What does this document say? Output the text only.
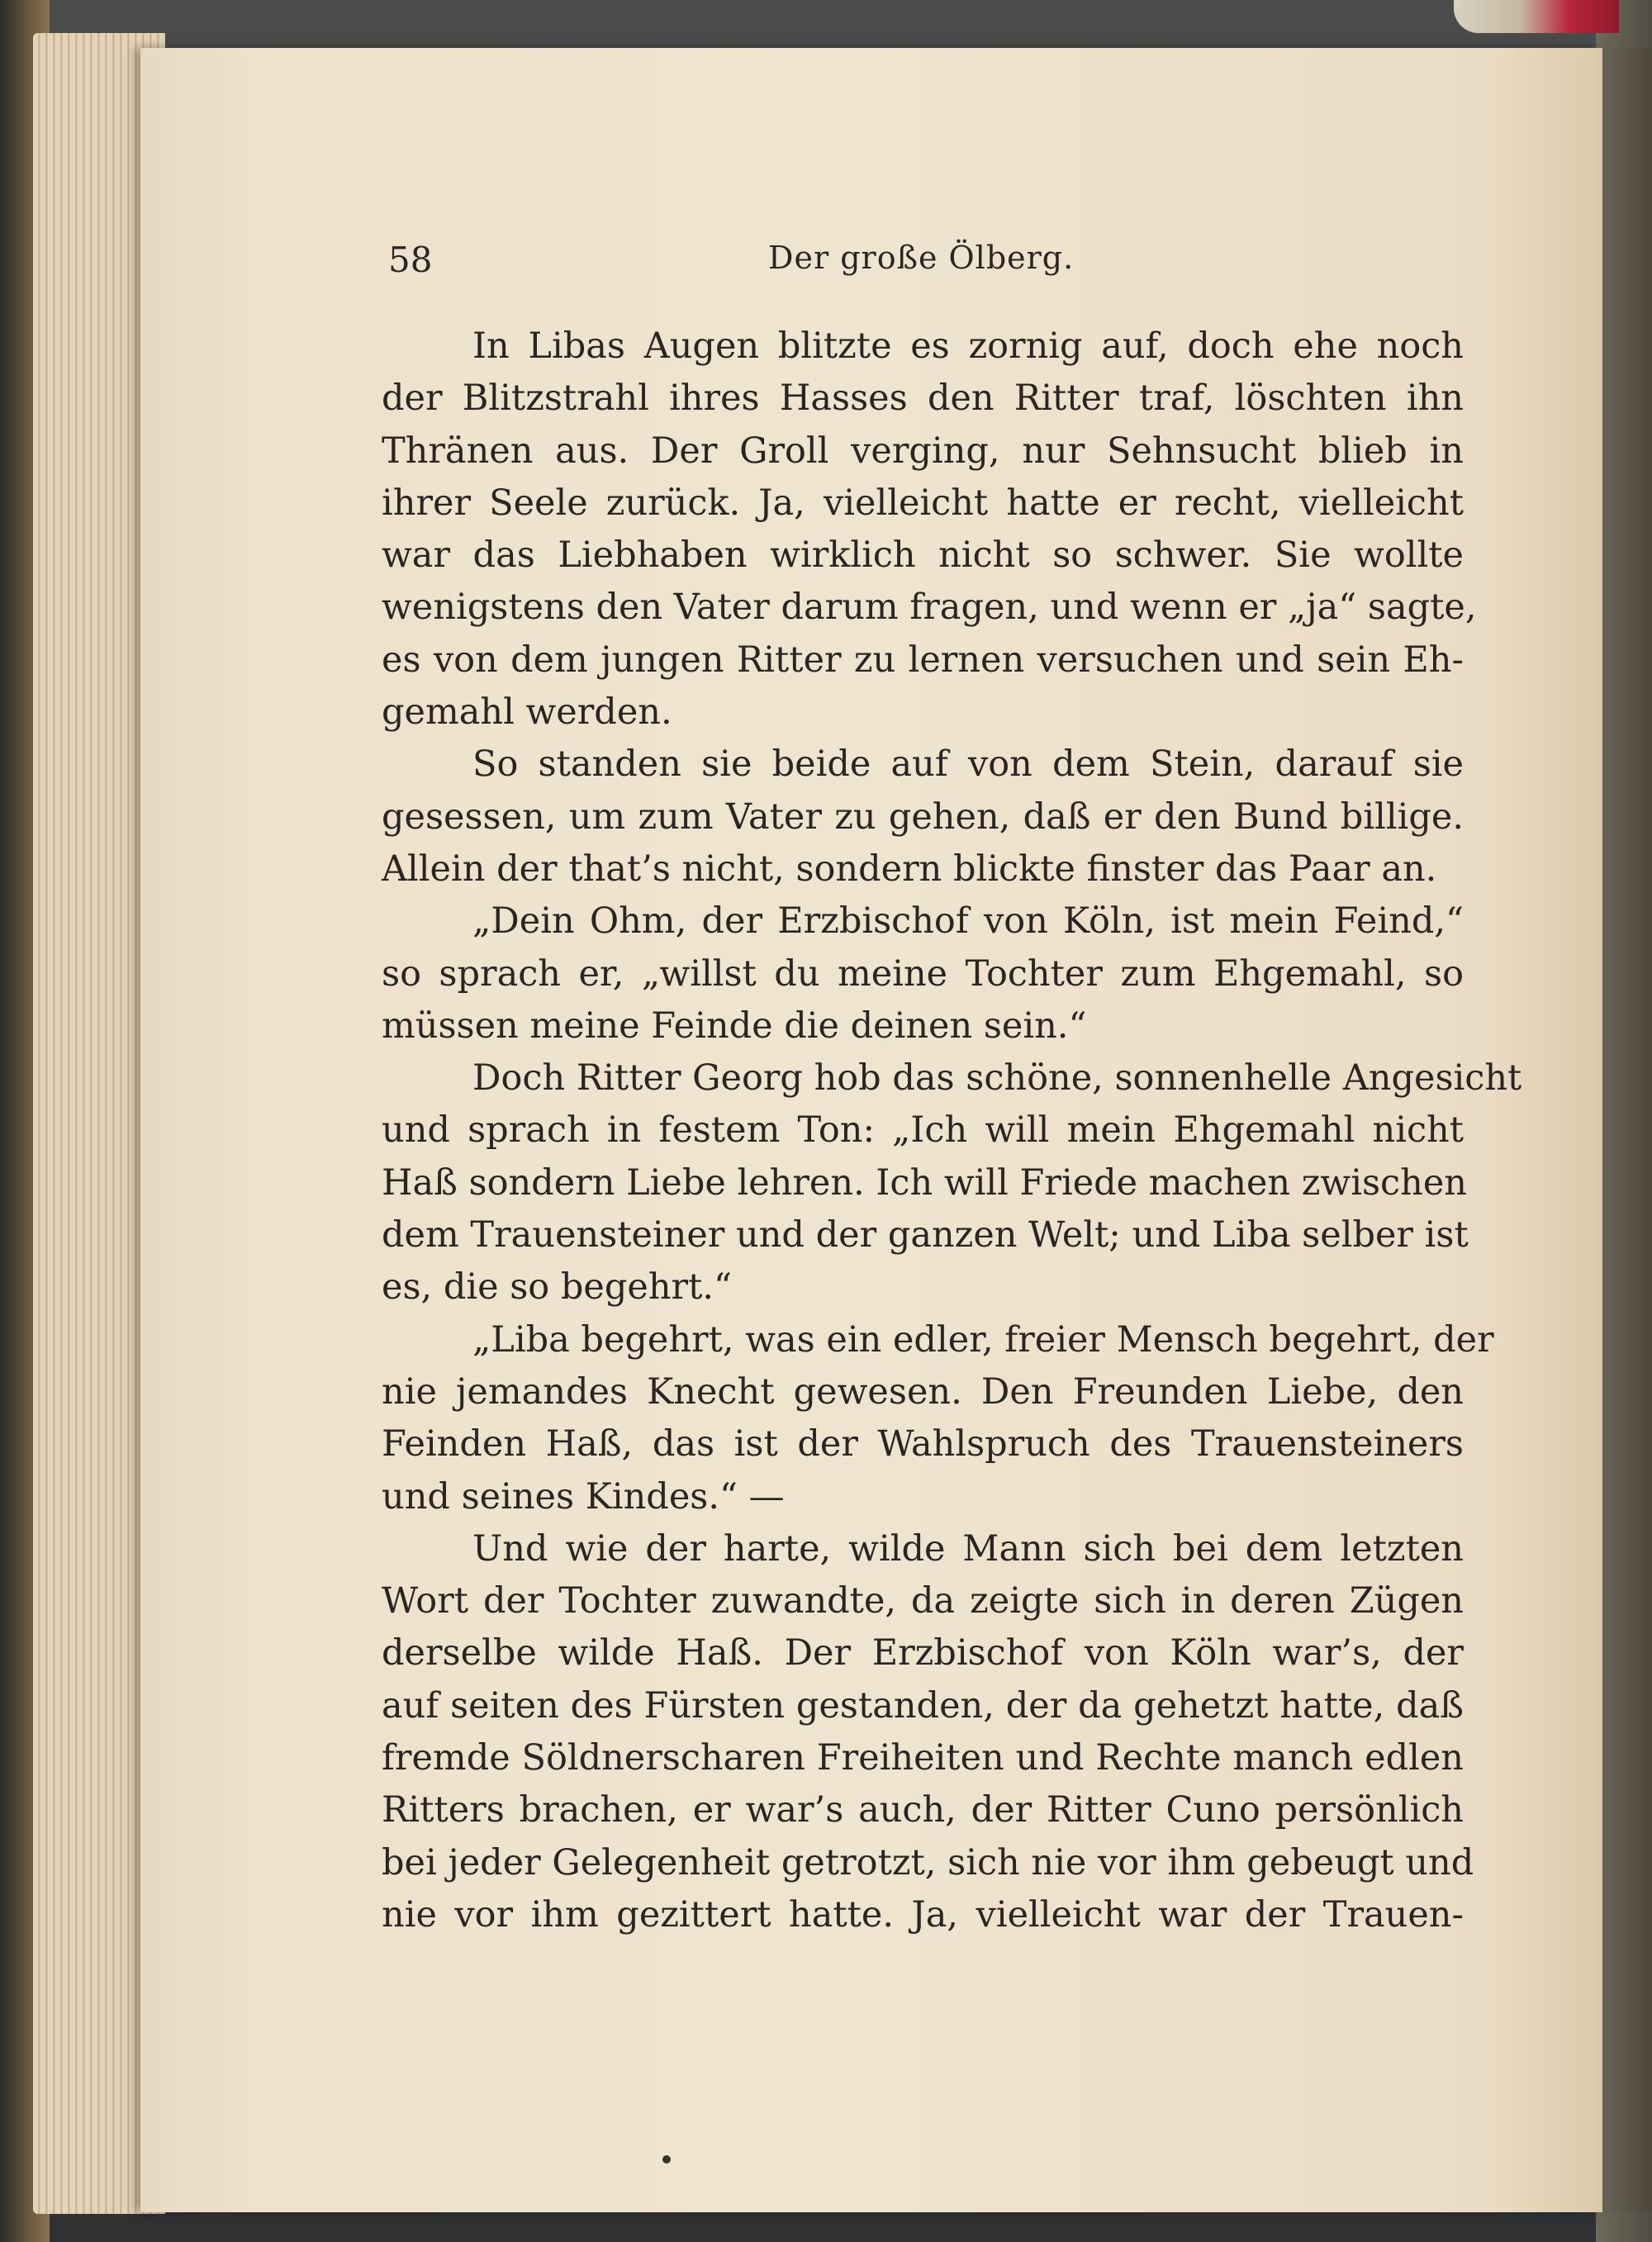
58	Der große Ölberg.
In Libas Augen blitzte es zornig auf, doch ehe noch
der Blitzstrahl ihres Hasses den Ritter traf, löschten ihn
Thränen aus. Der Groll verging, nur Sehnsucht blieb in
ihrer Seele zurück. Ja, vielleicht hatte er recht, vielleicht
war das Liebhaben wirklich nicht so schwer. Sie wollte
wenigstens den Vater darum fragen, und wenn er „ja“ sagte,
es von dem jungen Ritter zu lernen versuchen und sein Eh-
gemahl werden.
So standen sie beide auf von dem Stein, darauf sie
gesessen, um zum Vater zu gehen, daß er den Bund billige.
Allein der that’s nicht, sondern blickte finster das Paar an.
„Dein Ohm, der Erzbischof von Köln, ist mein Feind,“
so sprach er, „willst du meine Tochter zum Ehgemahl, so
müssen meine Feinde die deinen sein.“
Doch Ritter Georg hob das schöne, sonnenhelle Angesicht
und sprach in festem Ton: „Ich will mein Ehgemahl nicht
Haß sondern Liebe lehren. Ich will Friede machen zwischen
dem Trauensteiner und der ganzen Welt; und Liba selber ist
es, die so begehrt.“
„Liba begehrt, was ein edler, freier Mensch begehrt, der
nie jemandes Knecht gewesen. Den Freunden Liebe, den
Feinden Haß, das ist der Wahlspruch des Trauensteiners
und seines Kindes.“ —
Und wie der harte, wilde Mann sich bei dem letzten
Wort der Tochter zuwandte, da zeigte sich in deren Zügen
derselbe wilde Haß. Der Erzbischof von Köln war’s, der
auf seiten des Fürsten gestanden, der da gehetzt hatte, daß
fremde Söldnerscharen Freiheiten und Rechte manch edlen
Ritters brachen, er war’s auch, der Ritter Cuno persönlich
bei jeder Gelegenheit getrotzt, sich nie vor ihm gebeugt und
nie vor ihm gezittert hatte. Ja, vielleicht war der Trauen-
